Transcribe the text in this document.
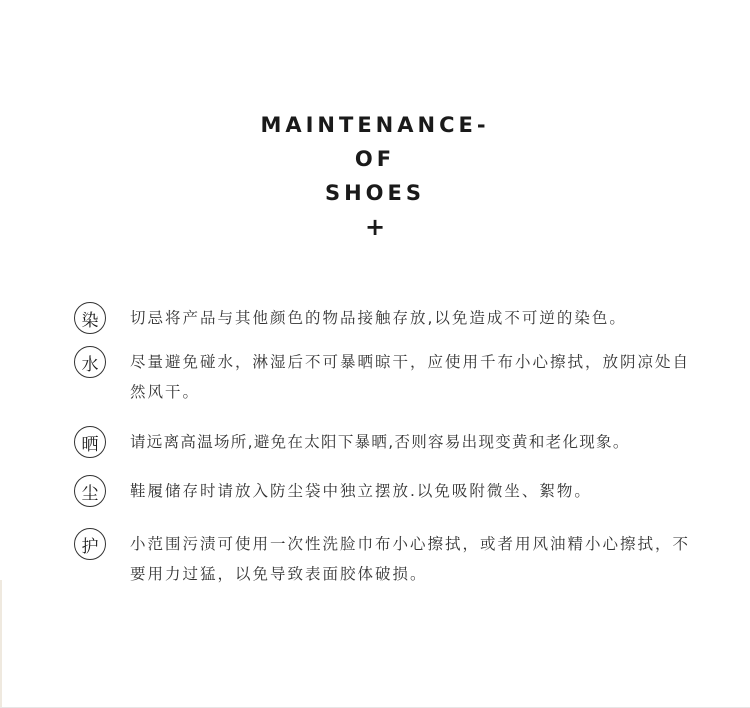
MAINTENANCE-
OF
SHOES
+
染	切忌将产品与其他颜色的物品接触存放,以免造成不可逆的染色。
水	尽量避免碰水，淋湿后不可暴晒晾干，应使用千布小心擦拭，放阴凉处自然风干。
晒	请远离高温场所,避免在太阳下暴晒,否则容易出现变黄和老化现象。
尘	鞋履储存时请放入防尘袋中独立摆放.以免吸附微坐、絮物。
护	小范围污渍可使用一次性洗脸巾布小心擦拭，或者用风油精小心擦拭，不要用力过猛，以免导致表面胶体破损。
